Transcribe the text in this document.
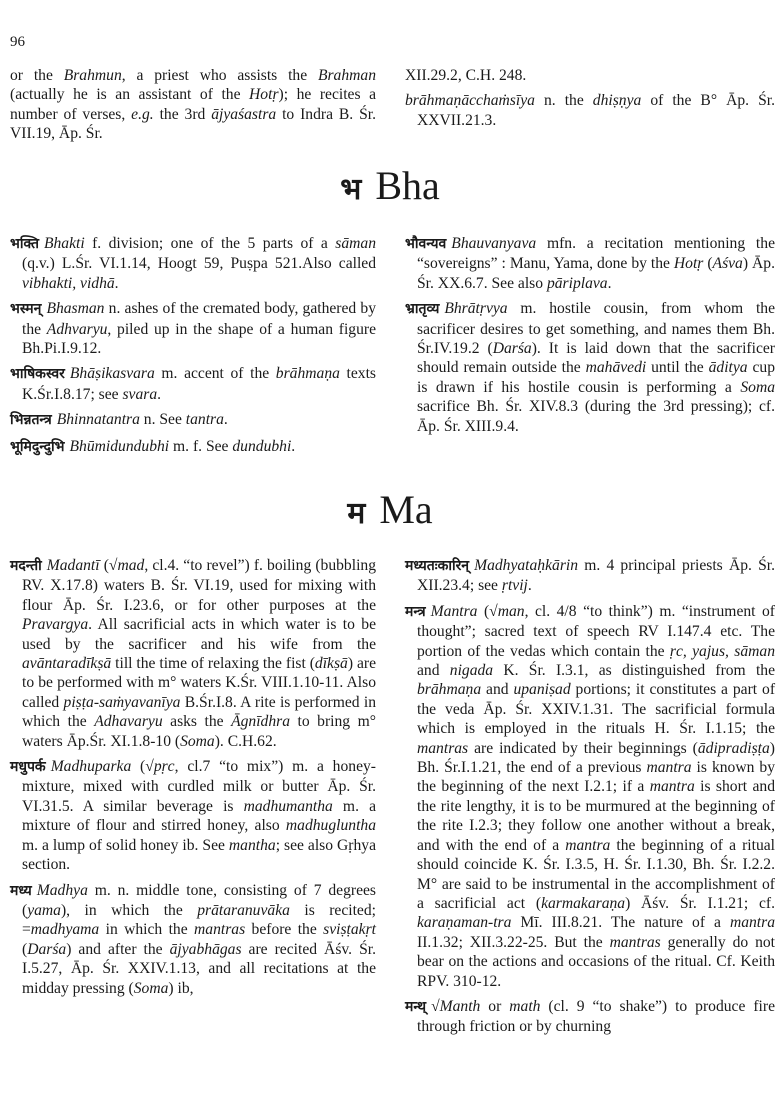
96
or the Brahmun, a priest who assists the Brahman (actually he is an assistant of the Hotṛ); he recites a number of verses, e.g. the 3rd ājyaśastra to Indra B. Śr. VII.19, Āp. Śr.
XII.29.2, C.H. 248.
brāhmaṇācchaṁsīya n. the dhiṣṇya of the B° Āp. Śr. XXVII.21.3.
भ Bha
भक्ति Bhakti f. division; one of the 5 parts of a sāman (q.v.) L.Śr. VI.1.14, Hoogt 59, Puṣpa 521.Also called vibhakti, vidhā.
भस्मन् Bhasman n. ashes of the cremated body, gathered by the Adhvaryu, piled up in the shape of a human figure Bh.Pi.I.9.12.
भाषिकस्वर Bhāṣikasvara m. accent of the brāhmaṇa texts K.Śr.I.8.17; see svara.
भिन्नतन्त्र Bhinnatantra n. See tantra.
भूमिदुन्दुभि Bhūmidundubhi m. f. See dundubhi.
भौवन्यव Bhauvanyava mfn. a recitation mentioning the “sovereigns” : Manu, Yama, done by the Hotṛ (Aśva) Āp. Śr. XX.6.7. See also pāriplava.
भ्रातृव्य Bhrātṛvya m. hostile cousin, from whom the sacrificer desires to get something, and names them Bh. Śr.IV.19.2 (Darśa). It is laid down that the sacrificer should remain outside the mahāvedi until the āditya cup is drawn if his hostile cousin is performing a Soma sacrifice Bh. Śr. XIV.8.3 (during the 3rd pressing); cf. Āp. Śr. XIII.9.4.
म Ma
मदन्ती Madantī (√mad, cl.4. “to revel”) f. boiling (bubbling RV. X.17.8) waters B. Śr. VI.19, used for mixing with flour Āp. Śr. I.23.6, or for other purposes at the Pravargya. All sacrificial acts in which water is to be used by the sacrificer and his wife from the avāntaradīkṣā till the time of relaxing the fist (dīkṣā) are to be performed with m° waters K.Śr. VIII.1.10-11. Also called piṣṭa-saṁyavanīya B.Śr.I.8. A rite is performed in which the Adhavaryu asks the Āgnīdhra to bring m° waters Āp.Śr. XI.1.8-10 (Soma). C.H.62.
मधुपर्क Madhuparka (√pṛc, cl.7 “to mix”) m. a honey-mixture, mixed with curdled milk or butter Āp. Śr. VI.31.5. A similar beverage is madhumantha m. a mixture of flour and stirred honey, also madhugluntha m. a lump of solid honey ib. See mantha; see also Gṛhya section.
मध्य Madhya m. n. middle tone, consisting of 7 degrees (yama), in which the prātaranuvāka is recited; =madhyama in which the mantras before the sviṣṭakṛt (Darśa) and after the ājyabhāgas are recited Āśv. Śr. I.5.27, Āp. Śr. XXIV.1.13, and all recitations at the midday pressing (Soma) ib,
मध्यतःकारिन् Madhyataḥkārin m. 4 principal priests Āp. Śr. XII.23.4; see ṛtvij.
मन्त्र Mantra (√man, cl. 4/8 “to think”) m. “instrument of thought”; sacred text of speech RV I.147.4 etc. The portion of the vedas which contain the ṛc, yajus, sāman and nigada K. Śr. I.3.1, as distinguished from the brāhmaṇa and upaniṣad portions; it constitutes a part of the veda Āp. Śr. XXIV.1.31. The sacrificial formula which is employed in the rituals H. Śr. I.1.15; the mantras are indicated by their beginnings (ādipradiṣṭa) Bh. Śr.I.1.21, the end of a previous mantra is known by the beginning of the next I.2.1; if a mantra is short and the rite lengthy, it is to be murmured at the beginning of the rite I.2.3; they follow one another without a break, and with the end of a mantra the beginning of a ritual should coincide K. Śr. I.3.5, H. Śr. I.1.30, Bh. Śr. I.2.2. M° are said to be instrumental in the accomplishment of a sacrificial act (karmakaraṇa) Āśv. Śr. I.1.21; cf. karaṇaman-tra Mī. III.8.21. The nature of a mantra II.1.32; XII.3.22-25. But the mantras generally do not bear on the actions and occasions of the ritual. Cf. Keith RPV. 310-12.
मन्थ् √Manth or math (cl. 9 “to shake”) to produce fire through friction or by churning
